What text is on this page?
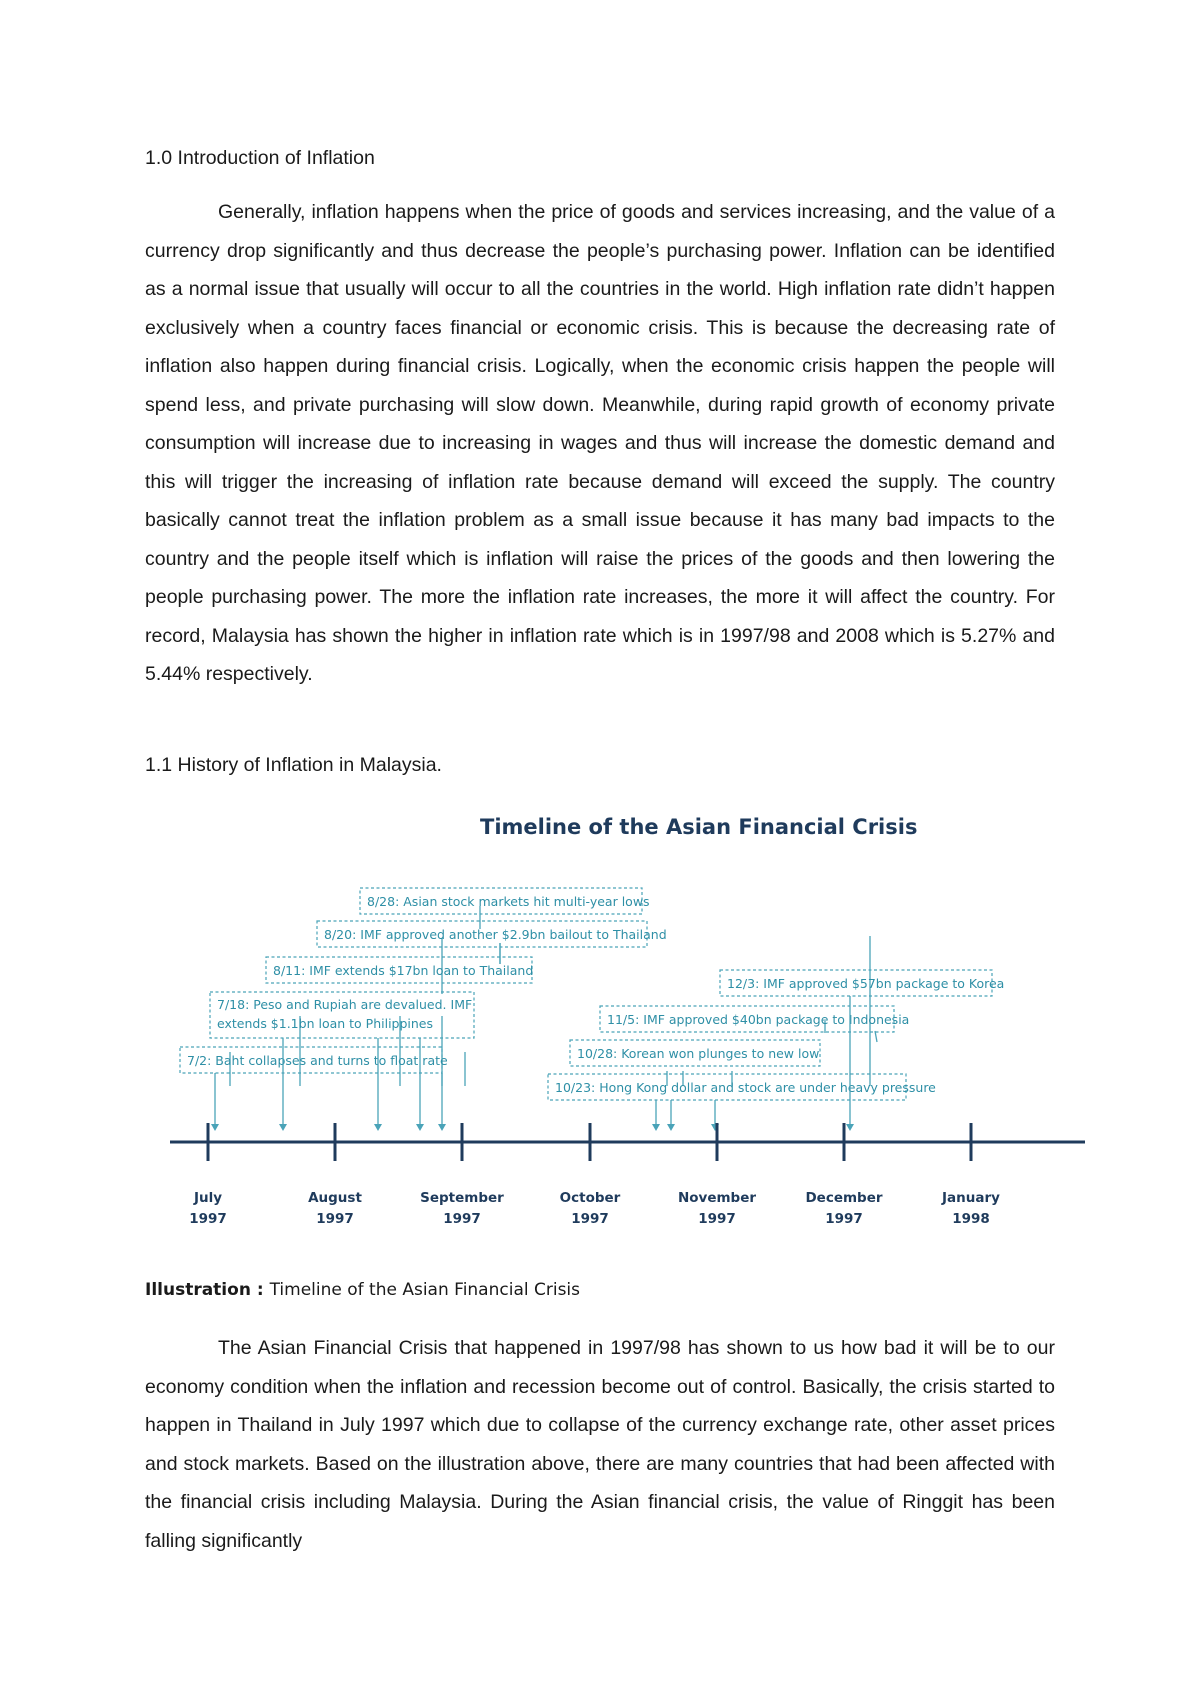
1.0 Introduction of Inflation

Generally, inflation happens when the price of goods and services increasing, and the value of a currency drop significantly and thus decrease the people’s purchasing power. Inflation can be identified as a normal issue that usually will occur to all the countries in the world. High inflation rate didn’t happen exclusively when a country faces financial or economic crisis. This is because the decreasing rate of inflation also happen during financial crisis. Logically, when the economic crisis happen the people will spend less, and private purchasing will slow down. Meanwhile, during rapid growth of economy private consumption will increase due to increasing in wages and thus will increase the domestic demand and this will trigger the increasing of inflation rate because demand will exceed the supply. The country basically cannot treat the inflation problem as a small issue because it has many bad impacts to the country and the people itself which is inflation will raise the prices of the goods and then lowering the people purchasing power. The more the inflation rate increases, the more it will affect the country. For record, Malaysia has shown the higher in inflation rate which is in 1997/98 and 2008 which is 5.27% and 5.44% respectively.

1.1 History of Inflation in Malaysia.
Timeline of the Asian Financial Crisis
8/28: Asian stock markets hit multi-year lows
8/20: IMF approved another $2.9bn bailout to Thailand
8/11: IMF extends $17bn loan to Thailand
7/18: Peso and Rupiah are devalued. IMF
extends $1.1bn loan to Philippines
7/2: Baht collapses and turns to float rate
12/3: IMF approved $57bn package to Korea
11/5: IMF approved $40bn package to Indonesia
10/28: Korean won plunges to new low
10/23: Hong Kong dollar and stock are under heavy pressure
July
1997
August
1997
September
1997
October
1997
November
1997
December
1997
January
1998
Illustration : Timeline of the Asian Financial Crisis

The Asian Financial Crisis that happened in 1997/98 has shown to us how bad it will be to our economy condition when the inflation and recession become out of control. Basically, the crisis started to happen in Thailand in July 1997 which due to collapse of the currency exchange rate, other asset prices and stock markets. Based on the illustration above, there are many countries that had been affected with the financial crisis including Malaysia. During the Asian financial crisis, the value of Ringgit has been falling significantly
